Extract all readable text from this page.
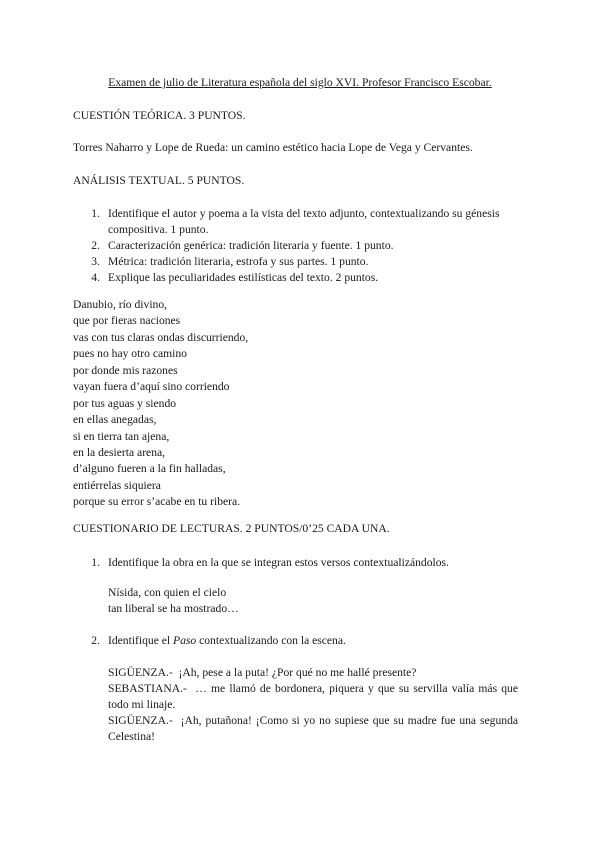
Examen de julio de Literatura española del siglo XVI. Profesor Francisco Escobar.
CUESTIÓN TEÓRICA. 3 PUNTOS.
Torres Naharro y Lope de Rueda: un camino estético hacia Lope de Vega y Cervantes.
ANÁLISIS TEXTUAL. 5 PUNTOS.
1. Identifique el autor y poema a la vista del texto adjunto, contextualizando su génesis
compositiva. 1 punto.
2. Caracterización genérica: tradición literaria y fuente. 1 punto.
3. Métrica: tradición literaria, estrofa y sus partes. 1 punto.
4. Explique las peculiaridades estilísticas del texto. 2 puntos.
Danubio, río divino,
que por fieras naciones
vas con tus claras ondas discurriendo,
pues no hay otro camino
por donde mis razones
vayan fuera d’aquí sino corriendo
por tus aguas y siendo
en ellas anegadas,
si en tierra tan ajena,
en la desierta arena,
d’alguno fueren a la fin halladas,
entiérrelas siquiera
porque su error s’acabe en tu ribera.
CUESTIONARIO DE LECTURAS. 2 PUNTOS/0’25 CADA UNA.
1. Identifique la obra en la que se integran estos versos contextualizándolos.
Nísida, con quien el cielo
tan liberal se ha mostrado…
2. Identifique el Paso contextualizando con la escena.
SIGÜENZA.- ¡Ah, pese a la puta! ¿Por qué no me hallé presente?
SEBASTIANA.- … me llamó de bordonera, piquera y que su servilla valía más que todo mi linaje.
SIGÜENZA.- ¡Ah, putañona! ¡Como si yo no supiese que su madre fue una segunda Celestina!
